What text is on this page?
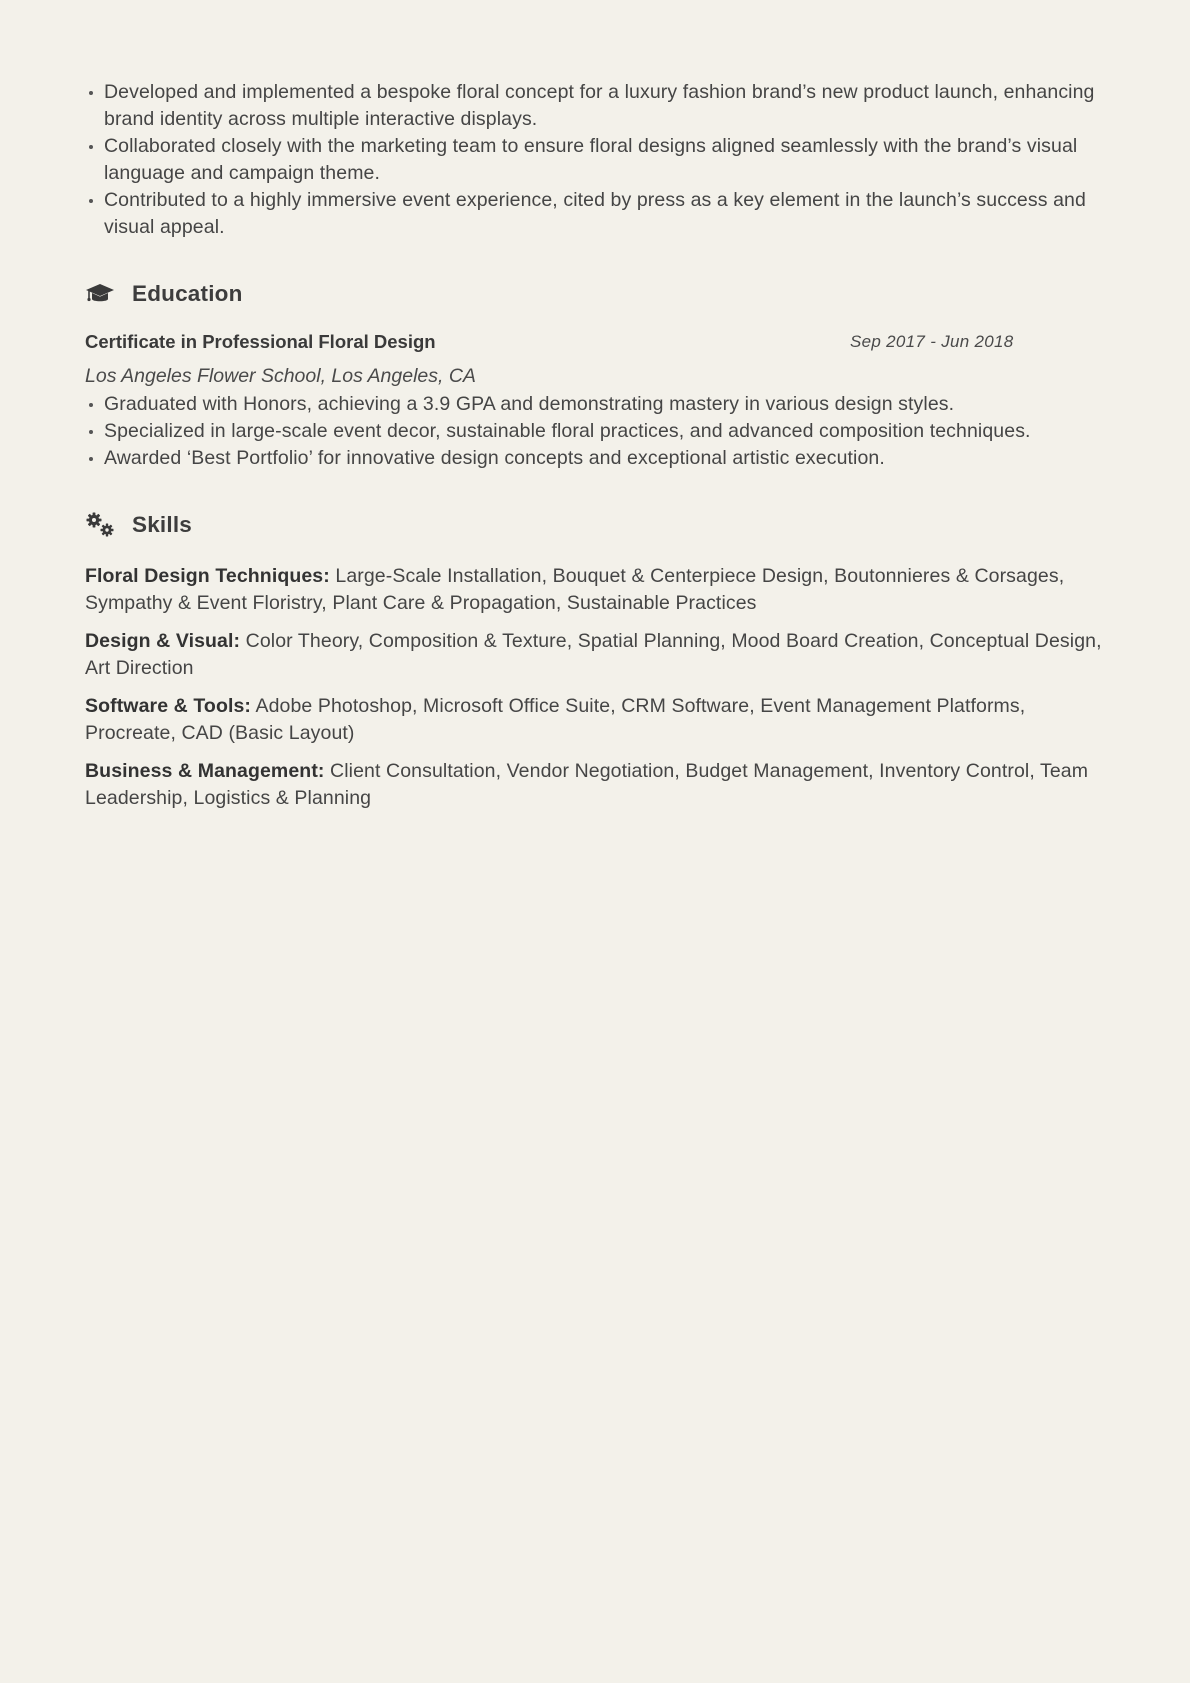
Developed and implemented a bespoke floral concept for a luxury fashion brand’s new product launch, enhancing brand identity across multiple interactive displays.
Collaborated closely with the marketing team to ensure floral designs aligned seamlessly with the brand’s visual language and campaign theme.
Contributed to a highly immersive event experience, cited by press as a key element in the launch’s success and visual appeal.
Education
Certificate in Professional Floral Design	Sep 2017 - Jun 2018
Los Angeles Flower School, Los Angeles, CA
Graduated with Honors, achieving a 3.9 GPA and demonstrating mastery in various design styles.
Specialized in large-scale event decor, sustainable floral practices, and advanced composition techniques.
Awarded ‘Best Portfolio’ for innovative design concepts and exceptional artistic execution.
Skills
Floral Design Techniques: Large-Scale Installation, Bouquet & Centerpiece Design, Boutonnieres & Corsages, Sympathy & Event Floristry, Plant Care & Propagation, Sustainable Practices
Design & Visual: Color Theory, Composition & Texture, Spatial Planning, Mood Board Creation, Conceptual Design, Art Direction
Software & Tools: Adobe Photoshop, Microsoft Office Suite, CRM Software, Event Management Platforms, Procreate, CAD (Basic Layout)
Business & Management: Client Consultation, Vendor Negotiation, Budget Management, Inventory Control, Team Leadership, Logistics & Planning
